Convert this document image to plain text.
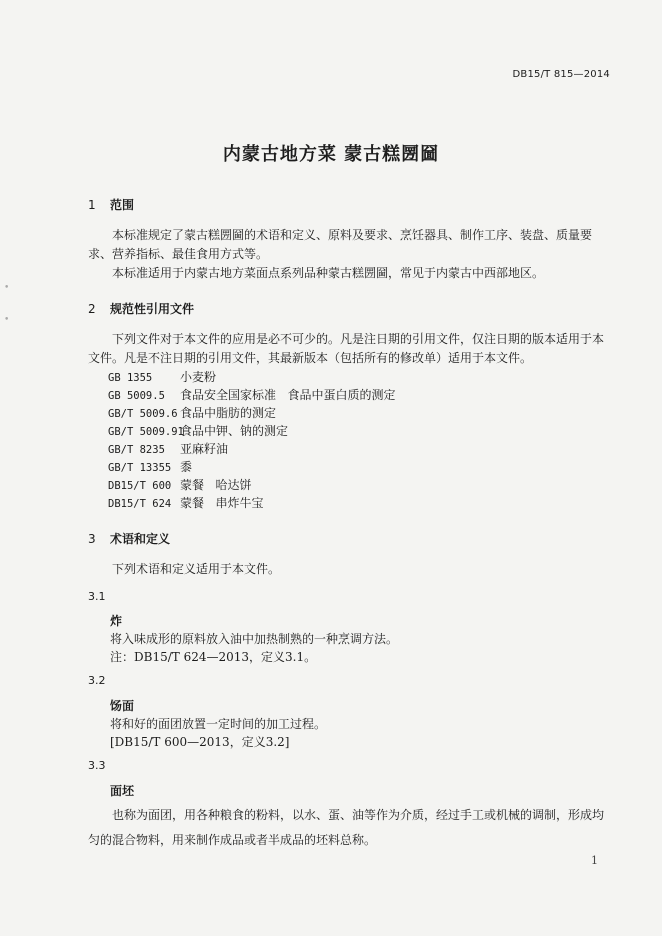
DB15/T 815—2014
内蒙古地方菜 蒙古糕圐圙
1 范围
本标准规定了蒙古糕圐圙的术语和定义、原料及要求、烹饪器具、制作工序、装盘、质量要求、营养指标、最佳食用方式等。
本标准适用于内蒙古地方菜面点系列品种蒙古糕圐圙，常见于内蒙古中西部地区。
2 规范性引用文件
下列文件对于本文件的应用是必不可少的。凡是注日期的引用文件，仅注日期的版本适用于本文件。凡是不注日期的引用文件，其最新版本（包括所有的修改单）适用于本文件。
GB 1355 小麦粉
GB 5009.5 食品安全国家标准   食品中蛋白质的测定
GB/T 5009.6 食品中脂肪的测定
GB/T 5009.91食品中钾、钠的测定
GB/T 8235 亚麻籽油
GB/T 13355 黍
DB15/T 600 蒙餐   哈达饼
DB15/T 624 蒙餐   串炸牛宝
3 术语和定义
下列术语和定义适用于本文件。
3.1
炸
将入味成形的原料放入油中加热制熟的一种烹调方法。
注：DB15/T 624—2013，定义3.1。
3.2
饧面
将和好的面团放置一定时间的加工过程。
[DB15/T 600—2013，定义3.2]
3.3
面坯
也称为面团，用各种粮食的粉料，以水、蛋、油等作为介质，经过手工或机械的调制，形成均匀的混合物料，用来制作成品或者半成品的坯料总称。
1
•
•
